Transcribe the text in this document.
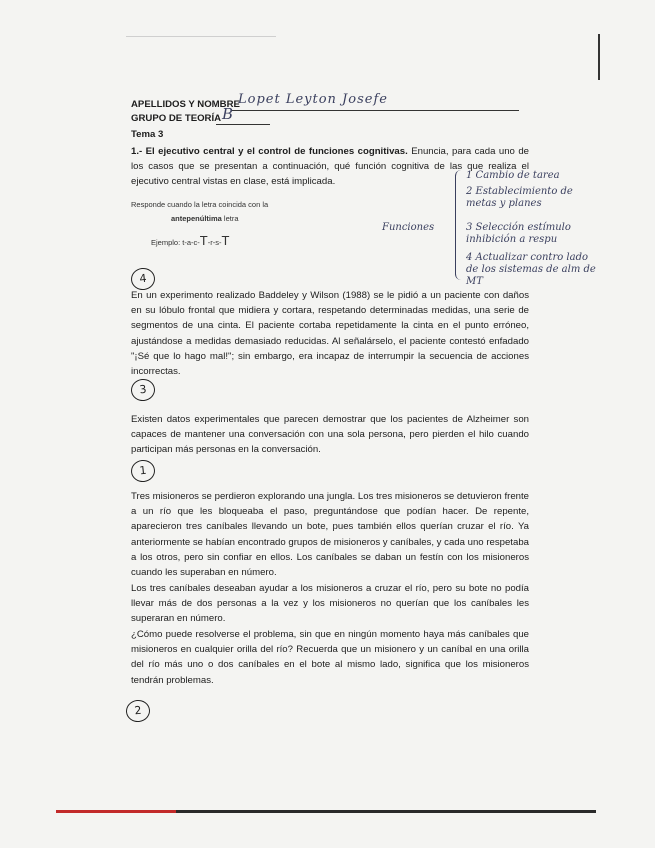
APELLIDOS Y NOMBRE
Lopet Leyton Josefe
GRUPO DE TEORÍA B
Tema 3

1.- El ejecutivo central y el control de funciones cognitivas. Enuncia, para cada uno de los casos que se presentan a continuación, qué función cognitiva de las que realiza el ejecutivo central vistas en clase, está implicada.

Responde cuando la letra coincida con la
antepenúltima letra
Ejemplo: t-a-c-T-r-s-T
Funciones
1 Cambio de tarea
2 Establecimiento de metas y planes
3 Selección estímulo inhibición a respu
4 Actualizar contro lado de los sistemas de alm de MT
4

En un experimento realizado Baddeley y Wilson (1988) se le pidió a un paciente con daños en su lóbulo frontal que midiera y cortara, respetando determinadas medidas, una serie de segmentos de una cinta. El paciente cortaba repetidamente la cinta en el punto erróneo, ajustándose a medidas demasiado reducidas. Al señalárselo, el paciente contestó enfadado "¡Sé que lo hago mal!"; sin embargo, era incapaz de interrumpir la secuencia de acciones incorrectas.

3

Existen datos experimentales que parecen demostrar que los pacientes de Alzheimer son capaces de mantener una conversación con una sola persona, pero pierden el hilo cuando participan más personas en la conversación.

1

Tres misioneros se perdieron explorando una jungla. Los tres misioneros se detuvieron frente a un río que les bloqueaba el paso, preguntándose que podían hacer. De repente, aparecieron tres caníbales llevando un bote, pues también ellos querían cruzar el río. Ya anteriormente se habían encontrado grupos de misioneros y caníbales, y cada uno respetaba a los otros, pero sin confiar en ellos. Los caníbales se daban un festín con los misioneros cuando les superaban en número.

Los tres caníbales deseaban ayudar a los misioneros a cruzar el río, pero su bote no podía llevar más de dos personas a la vez y los misioneros no querían que los caníbales les superaran en número.

¿Cómo puede resolverse el problema, sin que en ningún momento haya más caníbales que misioneros en cualquier orilla del río? Recuerda que un misionero y un caníbal en una orilla del río más uno o dos caníbales en el bote al mismo lado, significa que los misioneros tendrán problemas.

2
